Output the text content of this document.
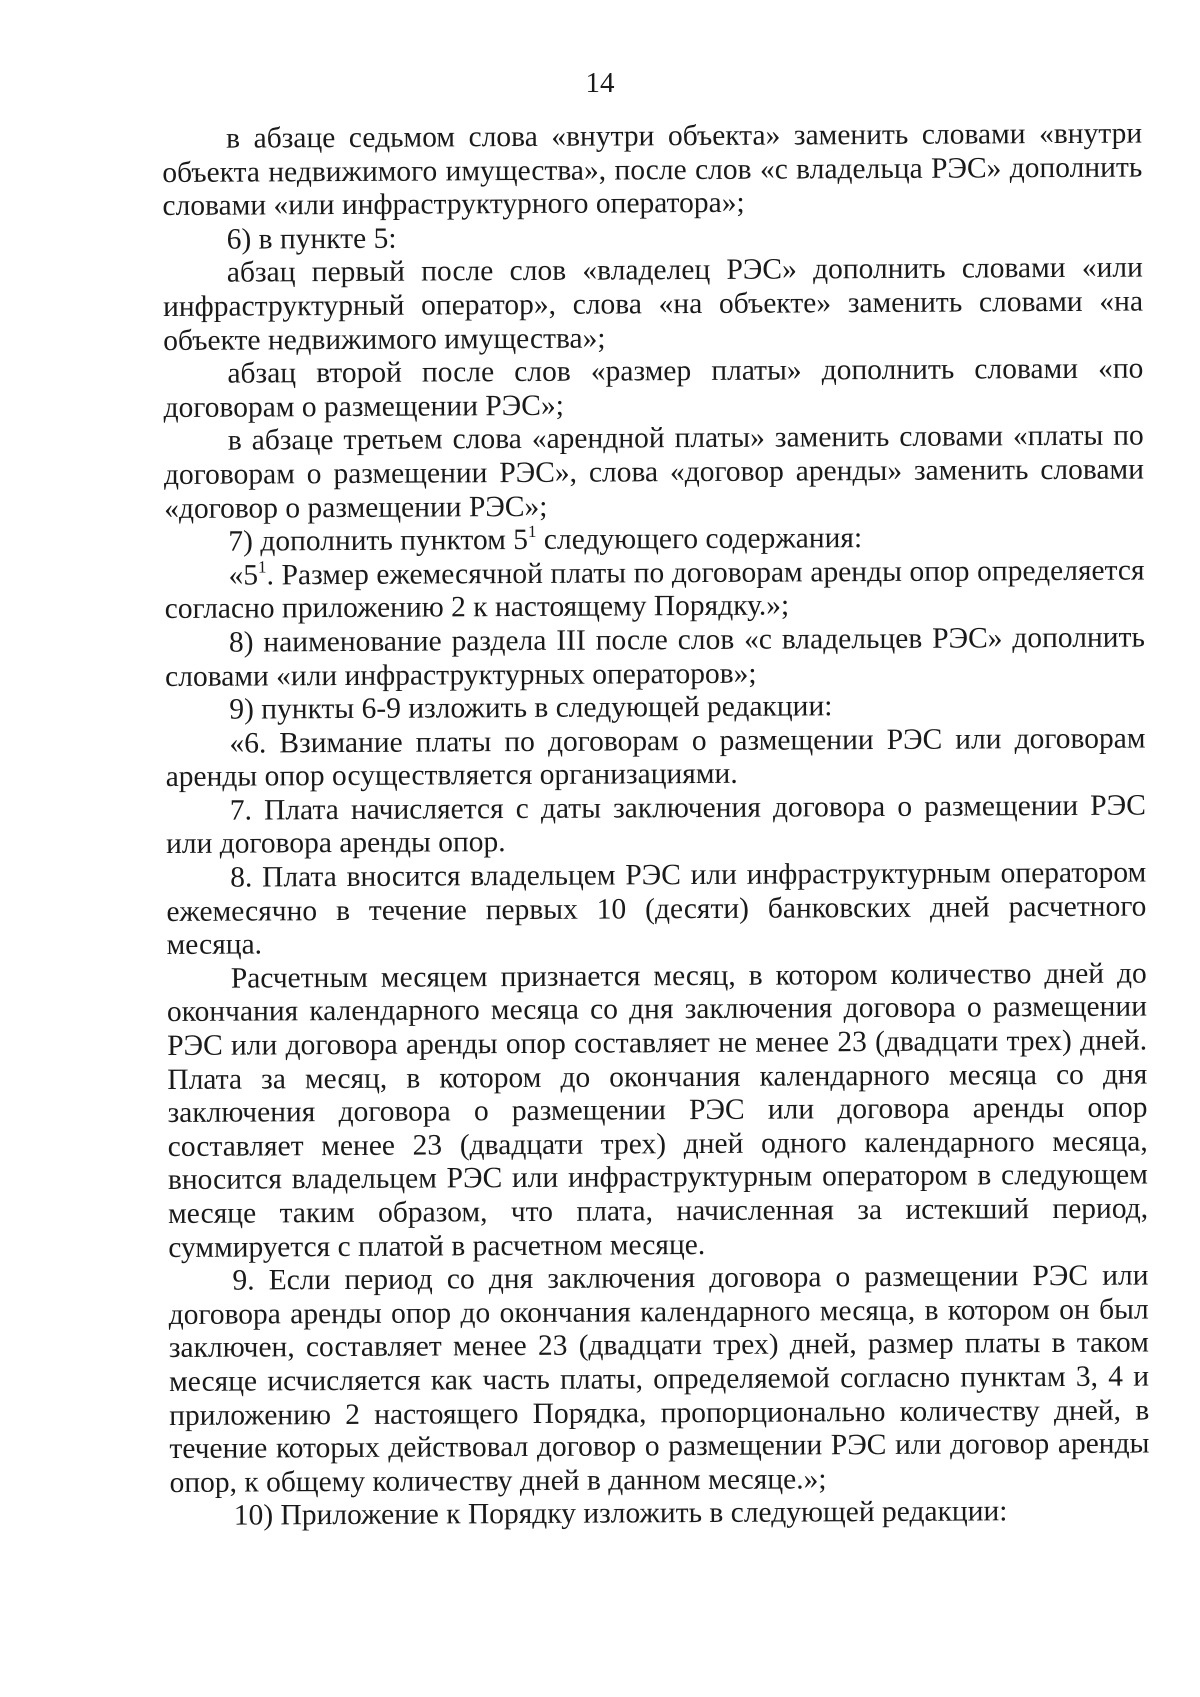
14

в абзаце седьмом слова «внутри объекта» заменить словами «внутри объекта недвижимого имущества», после слов «с владельца РЭС» дополнить словами «или инфраструктурного оператора»;

6) в пункте 5:

абзац первый после слов «владелец РЭС» дополнить словами «или инфраструктурный оператор», слова «на объекте» заменить словами «на объекте недвижимого имущества»;

абзац второй после слов «размер платы» дополнить словами «по договорам о размещении РЭС»;

в абзаце третьем слова «арендной платы» заменить словами «платы по договорам о размещении РЭС», слова «договор аренды» заменить словами «договор о размещении РЭС»;

7) дополнить пунктом $5^1$ следующего содержания:

«$5^1$. Размер ежемесячной платы по договорам аренды опор определяется согласно приложению 2 к настоящему Порядку.»;

8) наименование раздела III после слов «с владельцев РЭС» дополнить словами «или инфраструктурных операторов»;

9) пункты 6-9 изложить в следующей редакции:

«6. Взимание платы по договорам о размещении РЭС или договорам аренды опор осуществляется организациями.

7. Плата начисляется с даты заключения договора о размещении РЭС или договора аренды опор.

8. Плата вносится владельцем РЭС или инфраструктурным оператором ежемесячно в течение первых 10 (десяти) банковских дней расчетного месяца.

Расчетным месяцем признается месяц, в котором количество дней до окончания календарного месяца со дня заключения договора о размещении РЭС или договора аренды опор составляет не менее 23 (двадцати трех) дней. Плата за месяц, в котором до окончания календарного месяца со дня заключения договора о размещении РЭС или договора аренды опор составляет менее 23 (двадцати трех) дней одного календарного месяца, вносится владельцем РЭС или инфраструктурным оператором в следующем месяце таким образом, что плата, начисленная за истекший период, суммируется с платой в расчетном месяце.

9. Если период со дня заключения договора о размещении РЭС или договора аренды опор до окончания календарного месяца, в котором он был заключен, составляет менее 23 (двадцати трех) дней, размер платы в таком месяце исчисляется как часть платы, определяемой согласно пунктам 3, 4 и приложению 2 настоящего Порядка, пропорционально количеству дней, в течение которых действовал договор о размещении РЭС или договор аренды опор, к общему количеству дней в данном месяце.»;

10) Приложение к Порядку изложить в следующей редакции:
